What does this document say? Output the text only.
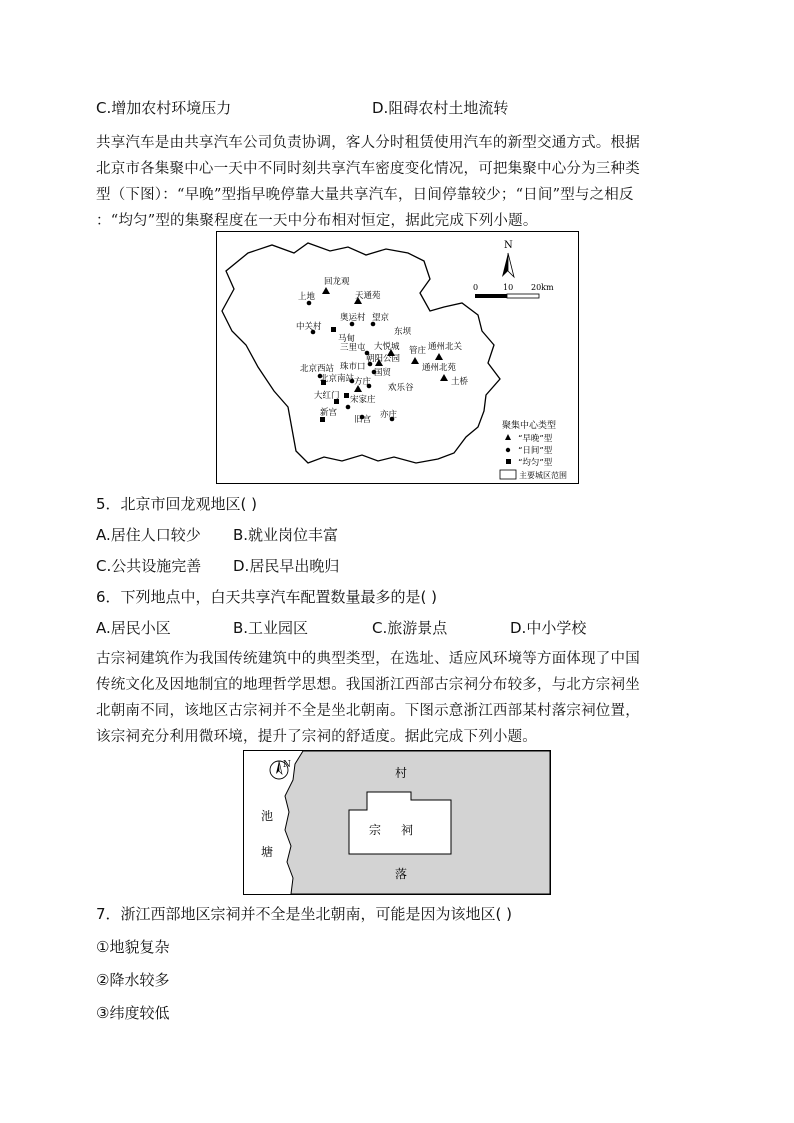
C.增加农村环境压力	D.阻碍农村土地流转
共享汽车是由共享汽车公司负责协调，客人分时租赁使用汽车的新型交通方式。根据
北京市各集聚中心一天中不同时刻共享汽车密度变化情况，可把集聚中心分为三种类
型（下图）：“早晚”型指早晚停靠大量共享汽车，日间停靠较少；“日间”型与之相反
：“均匀”型的集聚程度在一天中分布相对恒定，据此完成下列小题。
N
0	10 20km
回龙观
天通苑
上地
奥运村 望京
中关村	东坝
马甸
三里屯 大悦城 管庄 通州北关
朝阳公园
北京西站 珠市口
国贸	通州北苑
北京南站 方庄
欢乐谷
土桥
大红门 宋家庄
新宫
旧宫 亦庄
聚集中心类型
“早晚”型
“日间”型
“均匀”型
主要城区范围
5．北京市回龙观地区( )
A.居住人口较少 B.就业岗位丰富
C.公共设施完善 D.居民早出晚归
6．下列地点中，白天共享汽车配置数量最多的是( )
A.居民小区	B.工业园区	C.旅游景点	D.中小学校
古宗祠建筑作为我国传统建筑中的典型类型，在选址、适应风环境等方面体现了中国
传统文化及因地制宜的地理哲学思想。我国浙江西部古宗祠分布较多，与北方宗祠坐
北朝南不同，该地区古宗祠并不全是坐北朝南。下图示意浙江西部某村落宗祠位置，
该宗祠充分利用微环境，提升了宗祠的舒适度。据此完成下列小题。
N
池
塘
村
落
宗 祠
7．浙江西部地区宗祠并不全是坐北朝南，可能是因为该地区( )
①地貌复杂
②降水较多
③纬度较低
